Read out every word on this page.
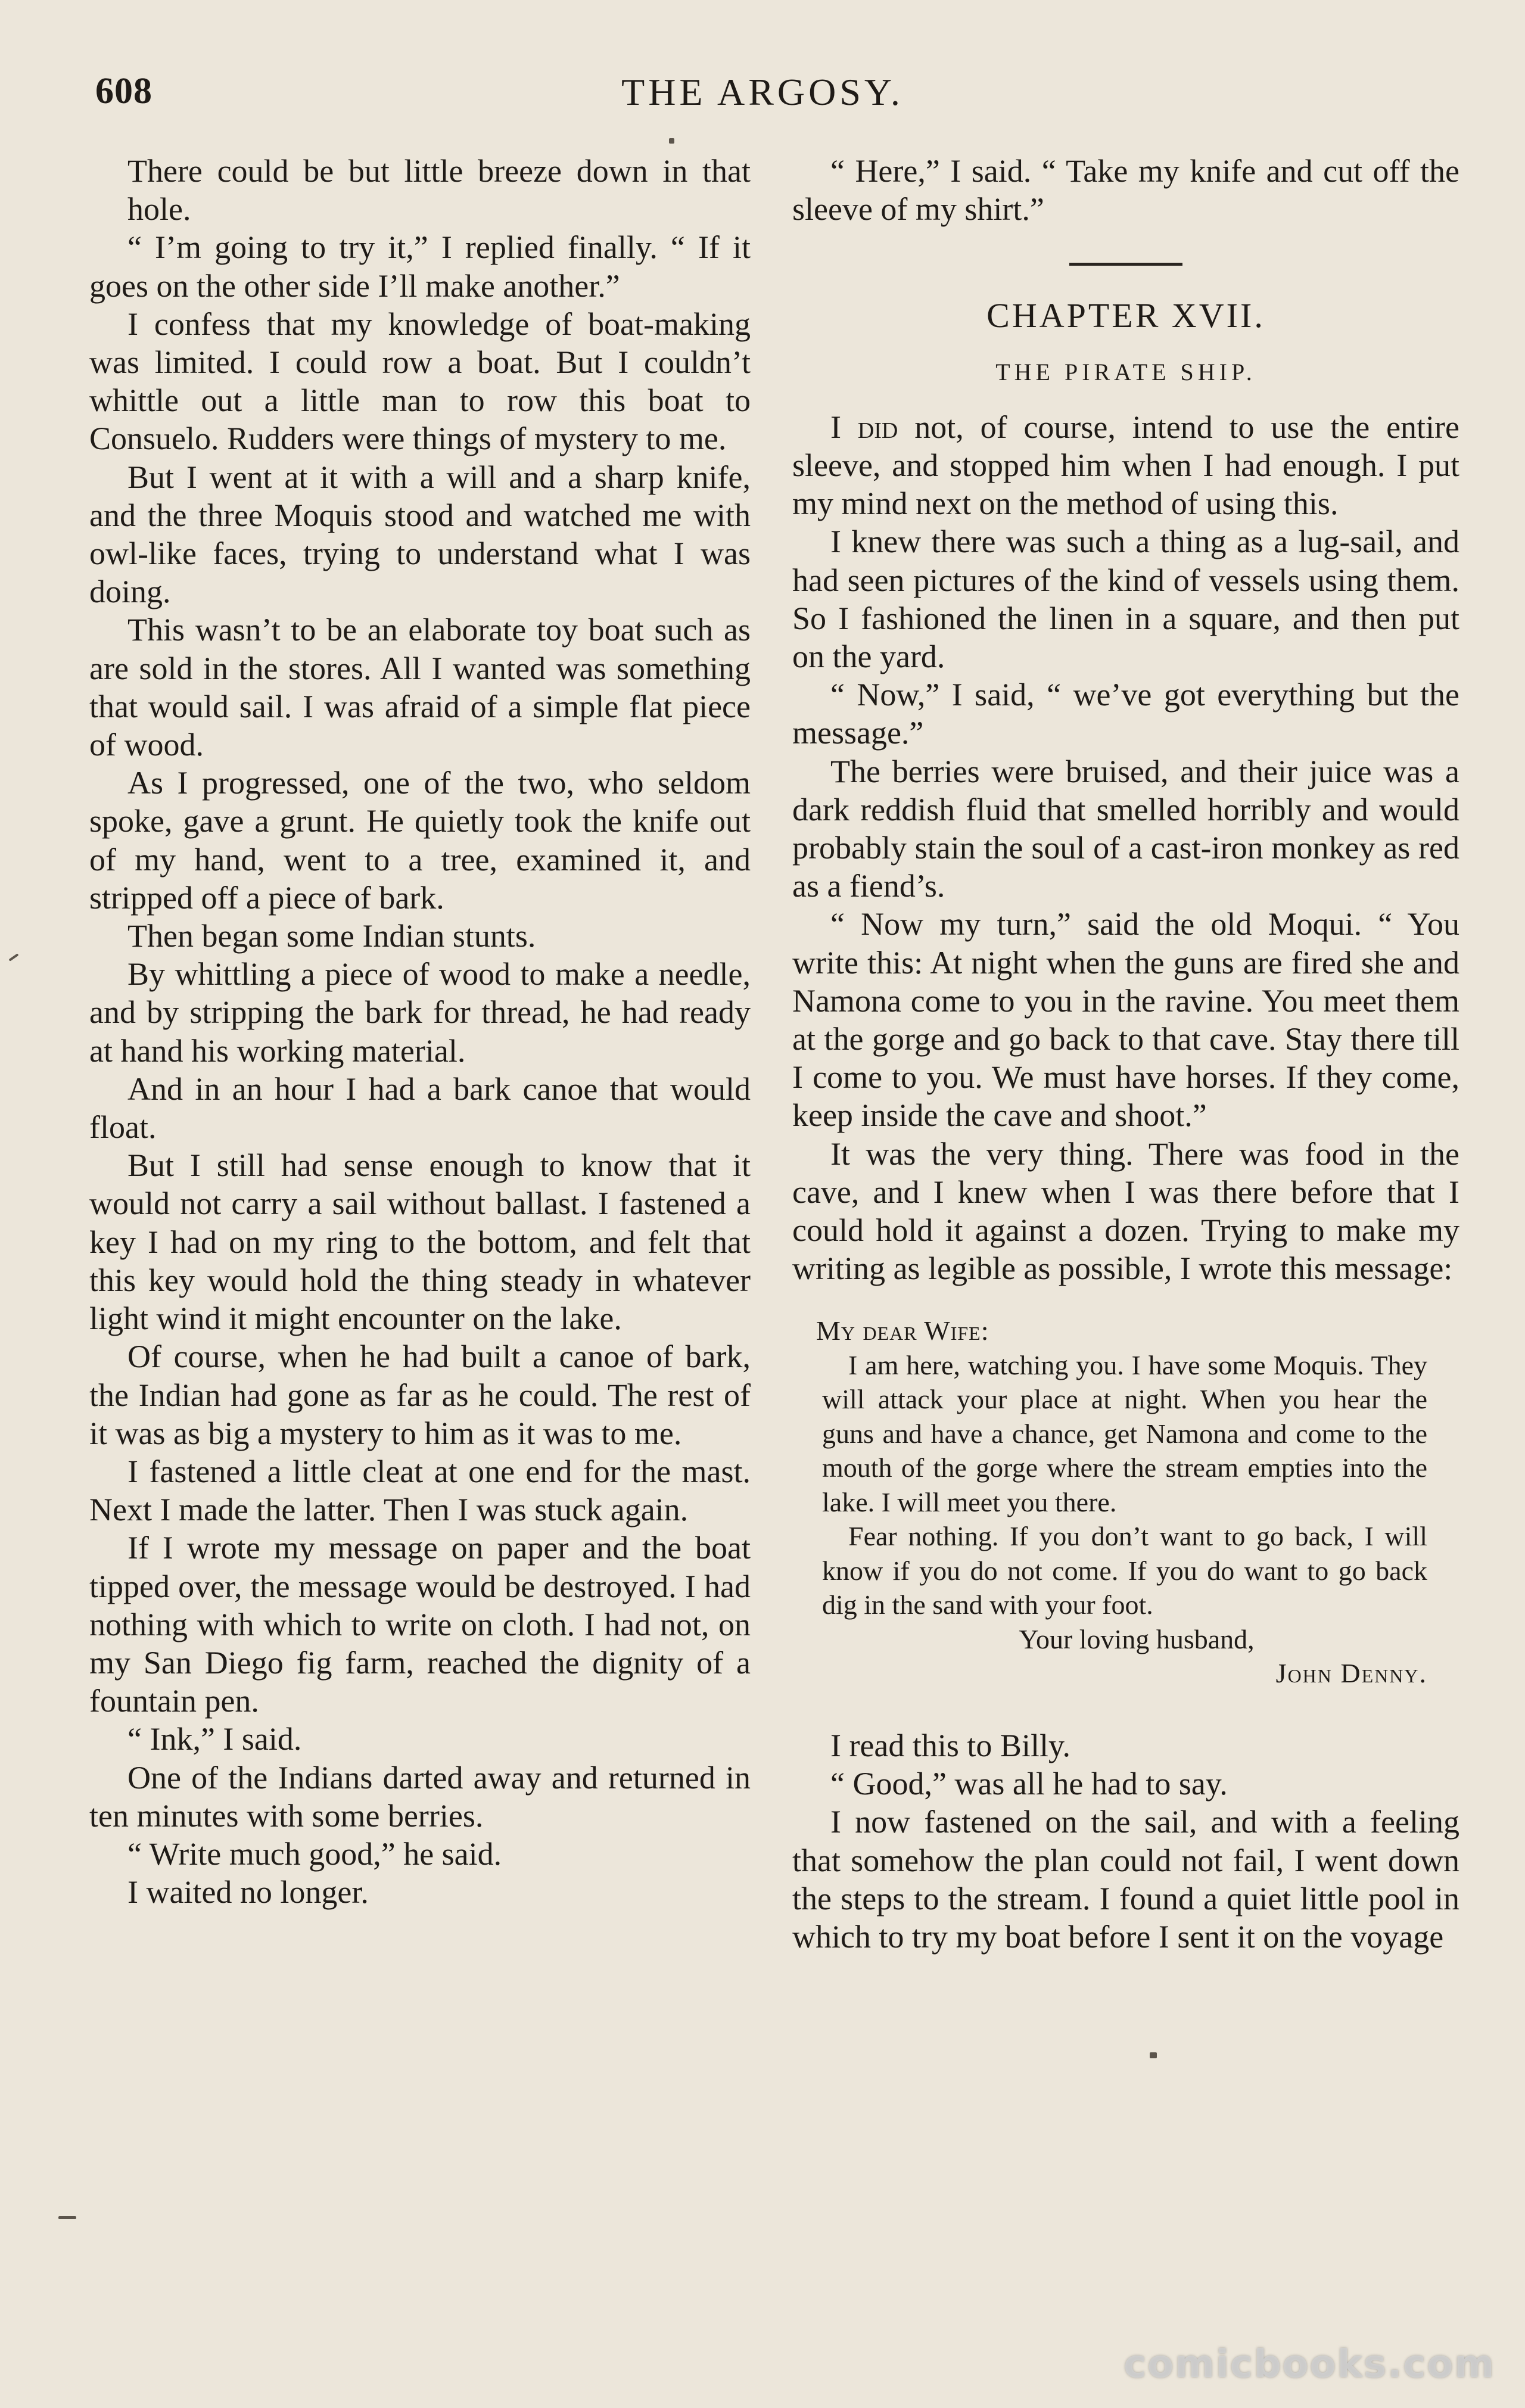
608	THE ARGOSY.

There could be but little breeze down in that hole.

“ I’m going to try it,” I replied finally. “ If it goes on the other side I’ll make another.”

I confess that my knowledge of boat-making was limited. I could row a boat. But I couldn’t whittle out a little man to row this boat to Consuelo. Rudders were things of mystery to me.

But I went at it with a will and a sharp knife, and the three Moquis stood and watched me with owl-like faces, trying to understand what I was doing.

This wasn’t to be an elaborate toy boat such as are sold in the stores. All I wanted was something that would sail. I was afraid of a simple flat piece of wood.

As I progressed, one of the two, who seldom spoke, gave a grunt. He quietly took the knife out of my hand, went to a tree, examined it, and stripped off a piece of bark.

Then began some Indian stunts.

By whittling a piece of wood to make a needle, and by stripping the bark for thread, he had ready at hand his working material.

And in an hour I had a bark canoe that would float.

But I still had sense enough to know that it would not carry a sail without ballast. I fastened a key I had on my ring to the bottom, and felt that this key would hold the thing steady in whatever light wind it might encounter on the lake.

Of course, when he had built a canoe of bark, the Indian had gone as far as he could. The rest of it was as big a mystery to him as it was to me.

I fastened a little cleat at one end for the mast. Next I made the latter. Then I was stuck again.

If I wrote my message on paper and the boat tipped over, the message would be destroyed. I had nothing with which to write on cloth. I had not, on my San Diego fig farm, reached the dignity of a fountain pen.

“ Ink,” I said.

One of the Indians darted away and returned in ten minutes with some berries.

“ Write much good,” he said.

I waited no longer.

“ Here,” I said. “ Take my knife and cut off the sleeve of my shirt.”

CHAPTER XVII.
THE PIRATE SHIP.

I did not, of course, intend to use the entire sleeve, and stopped him when I had enough. I put my mind next on the method of using this.

I knew there was such a thing as a lug-sail, and had seen pictures of the kind of vessels using them. So I fashioned the linen in a square, and then put on the yard.

“ Now,” I said, “ we’ve got everything but the message.”

The berries were bruised, and their juice was a dark reddish fluid that smelled horribly and would probably stain the soul of a cast-iron monkey as red as a fiend’s.

“ Now my turn,” said the old Moqui. “ You write this: At night when the guns are fired she and Namona come to you in the ravine. You meet them at the gorge and go back to that cave. Stay there till I come to you. We must have horses. If they come, keep inside the cave and shoot.”

It was the very thing. There was food in the cave, and I knew when I was there before that I could hold it against a dozen. Trying to make my writing as legible as possible, I wrote this message:

My dear Wife:

I am here, watching you. I have some Moquis. They will attack your place at night. When you hear the guns and have a chance, get Namona and come to the mouth of the gorge where the stream empties into the lake. I will meet you there.

Fear nothing. If you don’t want to go back, I will know if you do not come. If you do want to go back dig in the sand with your foot.

Your loving husband,

John Denny.

I read this to Billy.

“ Good,” was all he had to say.

I now fastened on the sail, and with a feeling that somehow the plan could not fail, I went down the steps to the stream. I found a quiet little pool in which to try my boat before I sent it on the voyage

comicbooks.com
